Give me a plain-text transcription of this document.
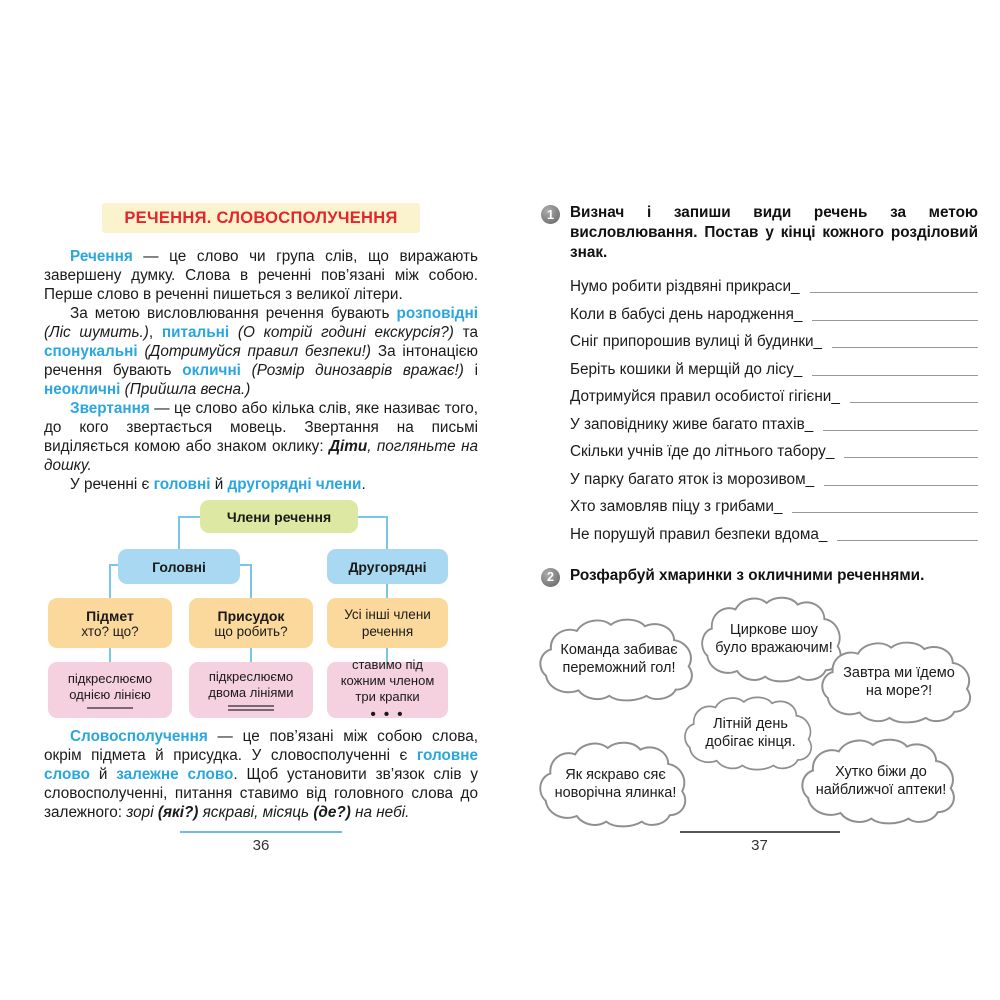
РЕЧЕННЯ. СЛОВОСПОЛУЧЕННЯ

Речення — це слово чи група слів, що виражають завершену думку. Слова в реченні пов’язані між собою. Перше слово в реченні пишеться з великої літери.

За метою висловлювання речення бувають розповідні (Ліс шумить.), питальні (О котрій годині екскурсія?) та спонукальні (Дотримуйся правил безпеки!) За інтонацією речення бувають окличні (Розмір динозаврів вражає!) і неокличні (Прийшла весна.)

Звертання — це слово або кілька слів, яке називає того, до кого звертається мовець. Звертання на письмі виділяється комою або знаком оклику: Діти, погляньте на дошку.

У реченні є головні й другорядні члени.

Члени речення
Головні	Другорядні
Підмет
хто? що?
Присудок
що робить?
Усі інші члени речення
підкреслюємо однією лінією
підкреслюємо двома лініями
ставимо під кожним членом три крапки
• • •

Словосполучення — це пов’язані між собою слова, окрім підмета й присудка. У словосполученні є головне слово й залежне слово. Щоб установити зв’язок слів у словосполученні, питання ставимо від головного слова до залежного: зорі (які?) яскраві, місяць (де?) на небі.

36
1	Визнач і запиши види речень за метою висловлювання. Постав у кінці кожного розділовий знак.
Нумо робити різдвяні прикраси_
Коли в бабусі день народження_
Сніг припорошив вулиці й будинки_
Беріть кошики й мерщій до лісу_
Дотримуйся правил особистої гігієни_
У заповіднику живе багато птахів_
Скільки учнів їде до літнього табору_
У парку багато яток із морозивом_
Хто замовляв піцу з грибами_
Не порушуй правил безпеки вдома_
2	Розфарбуй хмаринки з окличними реченнями.
Команда забиває переможний гол!
Циркове шоу було вражаючим!
Завтра ми їдемо на море?!
Літній день добігає кінця.
Як яскраво сяє новорічна ялинка!
Хутко біжи до найближчої аптеки!
37
